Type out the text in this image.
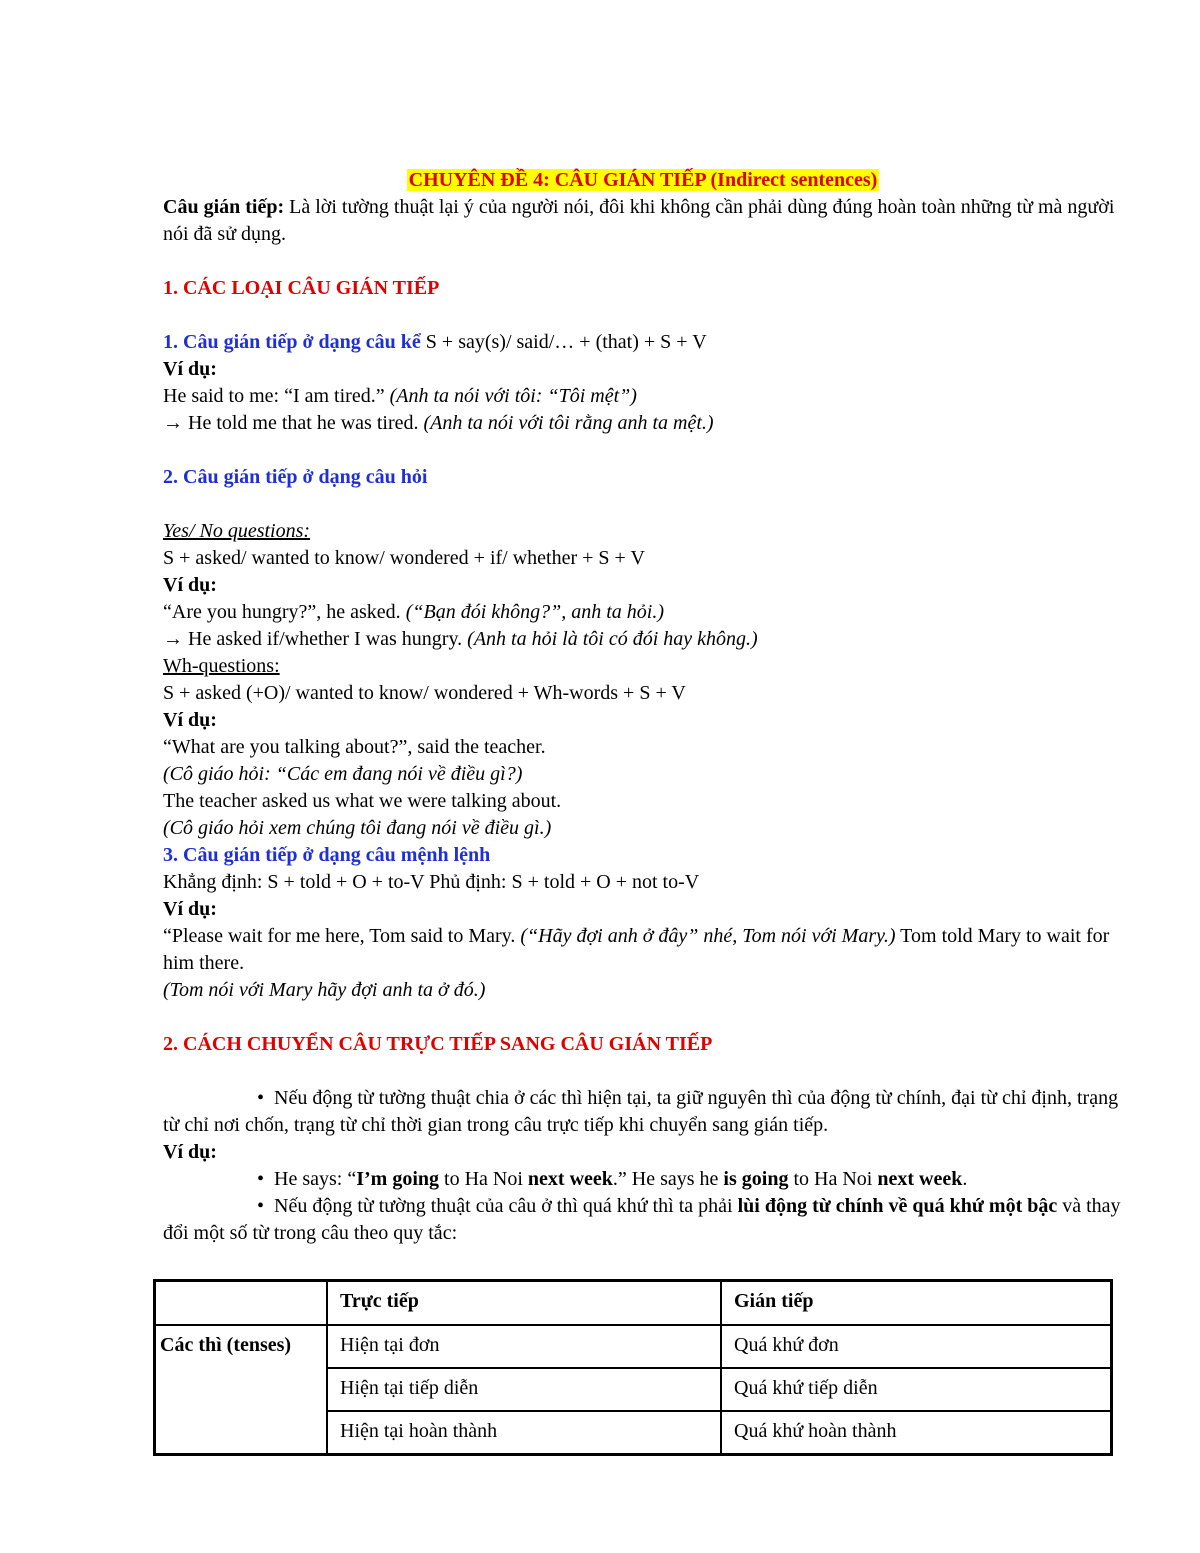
CHUYÊN ĐỀ 4: CÂU GIÁN TIẾP (Indirect sentences)

Câu gián tiếp: Là lời tường thuật lại ý của người nói, đôi khi không cần phải dùng đúng hoàn toàn những từ mà người nói đã sử dụng.

1. CÁC LOẠI CÂU GIÁN TIẾP

1. Câu gián tiếp ở dạng câu kể S + say(s)/ said/… + (that) + S + V

Ví dụ:

He said to me: “I am tired.” (Anh ta nói với tôi: “Tôi mệt”)

→ He told me that he was tired. (Anh ta nói với tôi rằng anh ta mệt.)

2. Câu gián tiếp ở dạng câu hỏi

Yes/ No questions:

S + asked/ wanted to know/ wondered + if/ whether + S + V

Ví dụ:

“Are you hungry?”, he asked. (“Bạn đói không?”, anh ta hỏi.)

→ He asked if/whether I was hungry. (Anh ta hỏi là tôi có đói hay không.)

Wh-questions:

S + asked (+O)/ wanted to know/ wondered + Wh-words + S + V

Ví dụ:

“What are you talking about?”, said the teacher.

(Cô giáo hỏi: “Các em đang nói về điều gì?)

The teacher asked us what we were talking about.

(Cô giáo hỏi xem chúng tôi đang nói về điều gì.)

3. Câu gián tiếp ở dạng câu mệnh lệnh

Khẳng định: S + told + O + to-V Phủ định: S + told + O + not to-V

Ví dụ:

“Please wait for me here, Tom said to Mary. (“Hãy đợi anh ở đây” nhé, Tom nói với Mary.) Tom told Mary to wait for him there.

(Tom nói với Mary hãy đợi anh ta ở đó.)

2. CÁCH CHUYỂN CÂU TRỰC TIẾP SANG CÂU GIÁN TIẾP

• Nếu động từ tường thuật chia ở các thì hiện tại, ta giữ nguyên thì của động từ chính, đại từ chỉ định, trạng từ chỉ nơi chốn, trạng từ chỉ thời gian trong câu trực tiếp khi chuyển sang gián tiếp.

Ví dụ:

• He says: “I’m going to Ha Noi next week.” He says he is going to Ha Noi next week.

• Nếu động từ tường thuật của câu ở thì quá khứ thì ta phải lùi động từ chính về quá khứ một bậc và thay đổi một số từ trong câu theo quy tắc:

	Trực tiếp	Gián tiếp
Các thì (tenses)	Hiện tại đơn	Quá khứ đơn
	Hiện tại tiếp diễn	Quá khứ tiếp diễn
	Hiện tại hoàn thành	Quá khứ hoàn thành
